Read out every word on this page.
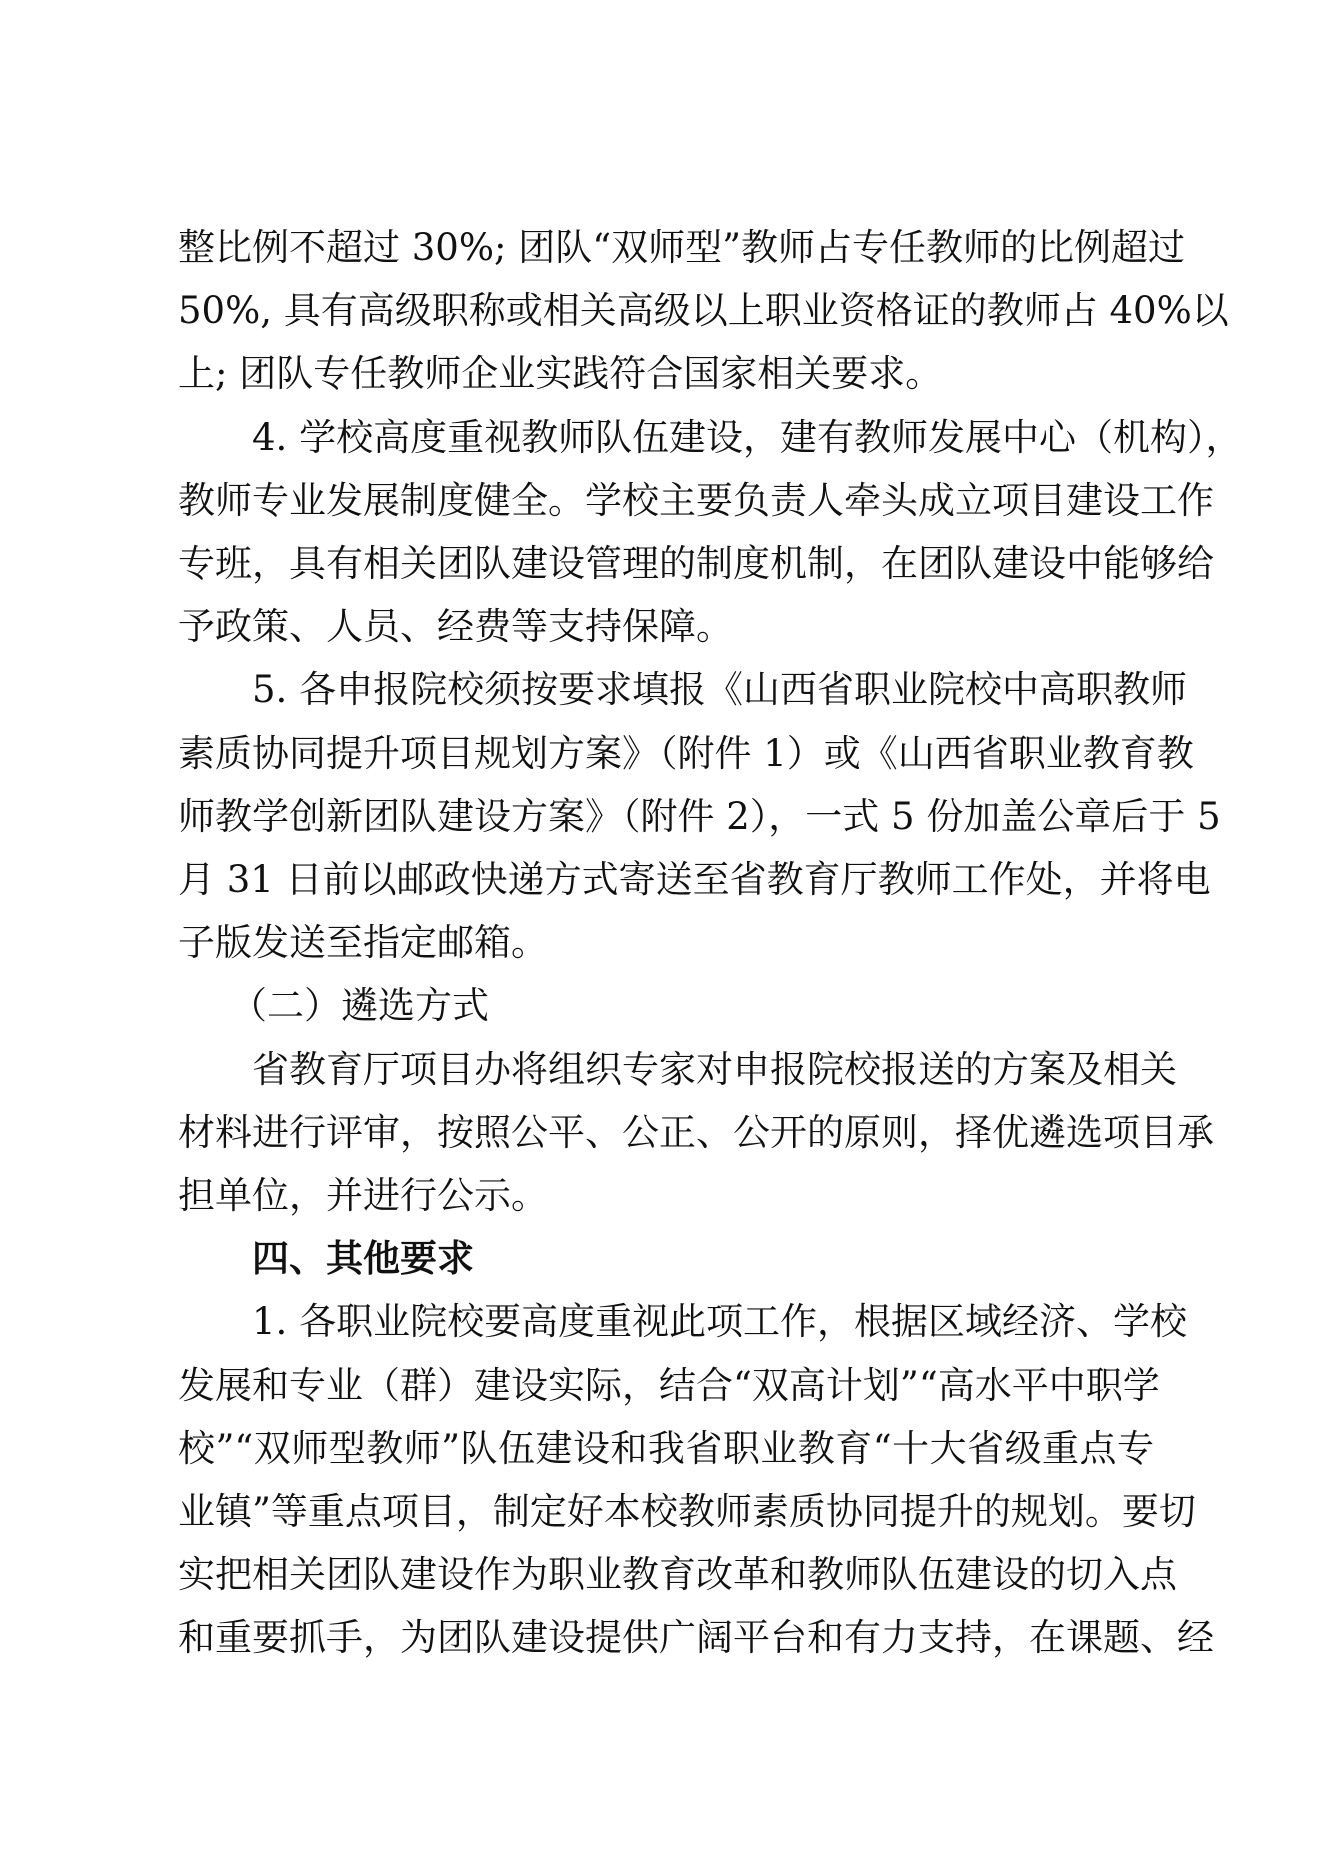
整比例不超过 30%; 团队“双师型”教师占专任教师的比例超过
50%, 具有高级职称或相关高级以上职业资格证的教师占 40%以
上; 团队专任教师企业实践符合国家相关要求。
4. 学校高度重视教师队伍建设，建有教师发展中心（机构），
教师专业发展制度健全。学校主要负责人牵头成立项目建设工作
专班，具有相关团队建设管理的制度机制，在团队建设中能够给
予政策、人员、经费等支持保障。
5. 各申报院校须按要求填报《山西省职业院校中高职教师
素质协同提升项目规划方案》（附件 1）或《山西省职业教育教
师教学创新团队建设方案》（附件 2），一式 5 份加盖公章后于 5
月 31 日前以邮政快递方式寄送至省教育厅教师工作处，并将电
子版发送至指定邮箱。
（二）遴选方式
省教育厅项目办将组织专家对申报院校报送的方案及相关
材料进行评审，按照公平、公正、公开的原则，择优遴选项目承
担单位，并进行公示。
四、其他要求
1. 各职业院校要高度重视此项工作，根据区域经济、学校
发展和专业（群）建设实际，结合“双高计划”“高水平中职学
校”“双师型教师”队伍建设和我省职业教育“十大省级重点专
业镇”等重点项目，制定好本校教师素质协同提升的规划。要切
实把相关团队建设作为职业教育改革和教师队伍建设的切入点
和重要抓手，为团队建设提供广阔平台和有力支持，在课题、经
